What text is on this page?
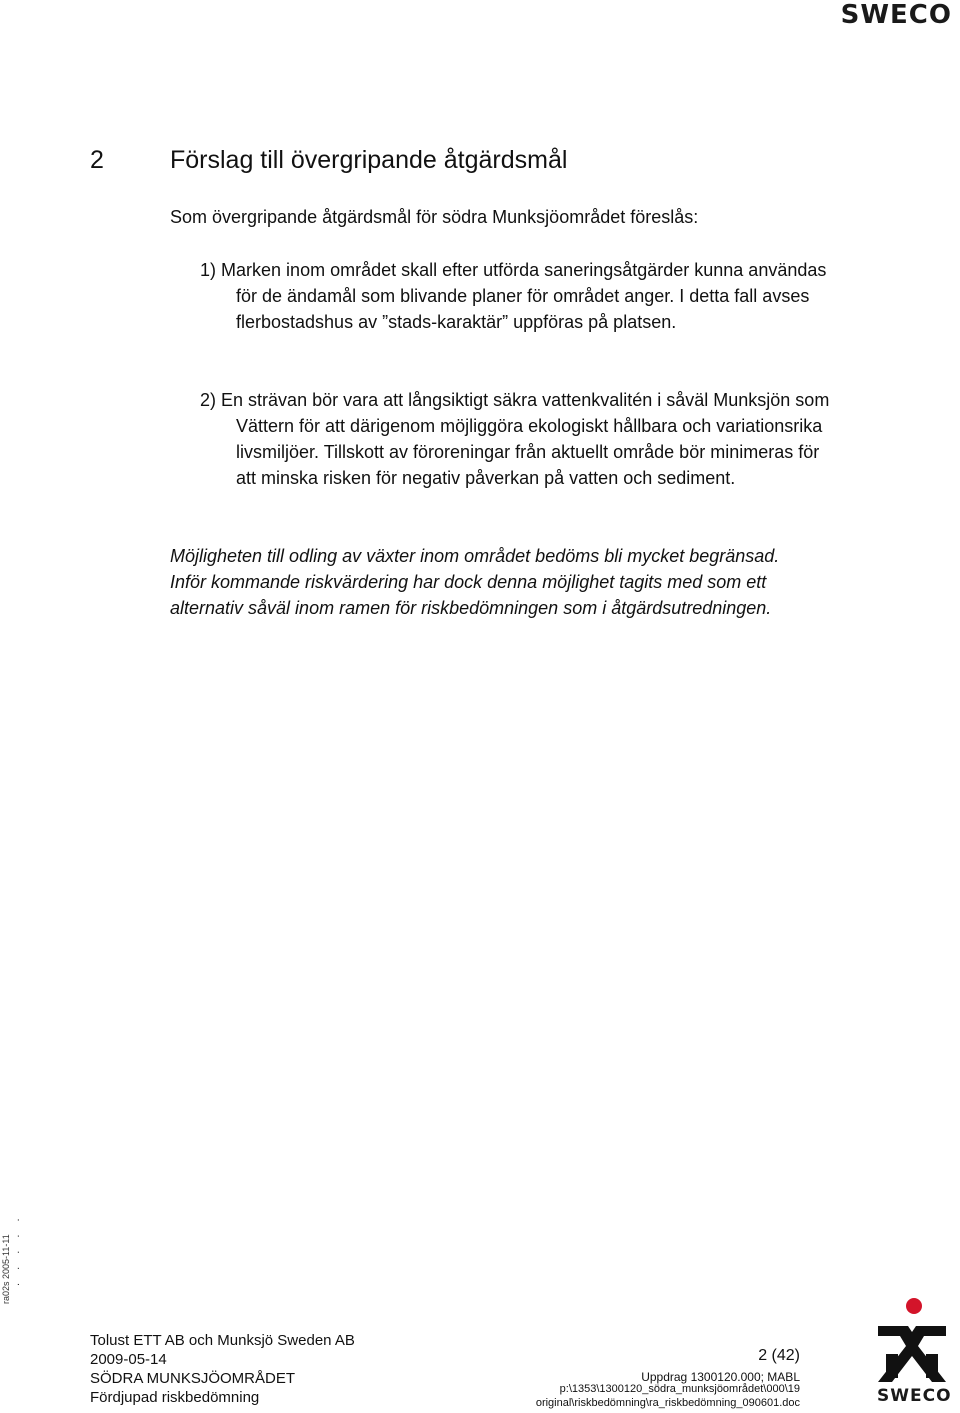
SWECO
2	Förslag till övergripande åtgärdsmål
Som övergripande åtgärdsmål för södra Munksjöområdet föreslås:
1) Marken inom området skall efter utförda saneringsåtgärder kunna användas för de ändamål som blivande planer för området anger. I detta fall avses flerbostadshus av ”stads-karaktär” uppföras på platsen.
2) En strävan bör vara att långsiktigt säkra vattenkvalitén i såväl Munksjön som Vättern för att därigenom möjliggöra ekologiskt hållbara och variationsrika livsmiljöer. Tillskott av föroreningar från aktuellt område bör minimeras för att minska risken för negativ påverkan på vatten och sediment.
Möjligheten till odling av växter inom området bedöms bli mycket begränsad. Inför kommande riskvärdering har dock denna möjlighet tagits med som ett alternativ såväl inom ramen för riskbedömningen som i åtgärdsutredningen.
ra02s 2005-11-11 . . . . .
Tolust ETT AB och Munksjö Sweden AB
2009-05-14
SÖDRA MUNKSJÖOMRÅDET
Fördjupad riskbedömning
2 (42)
Uppdrag 1300120.000; MABL
p:\1353\1300120_södra_munksjöområdet\000\19
original\riskbedömning\ra_riskbedömning_090601.doc	SWECO
